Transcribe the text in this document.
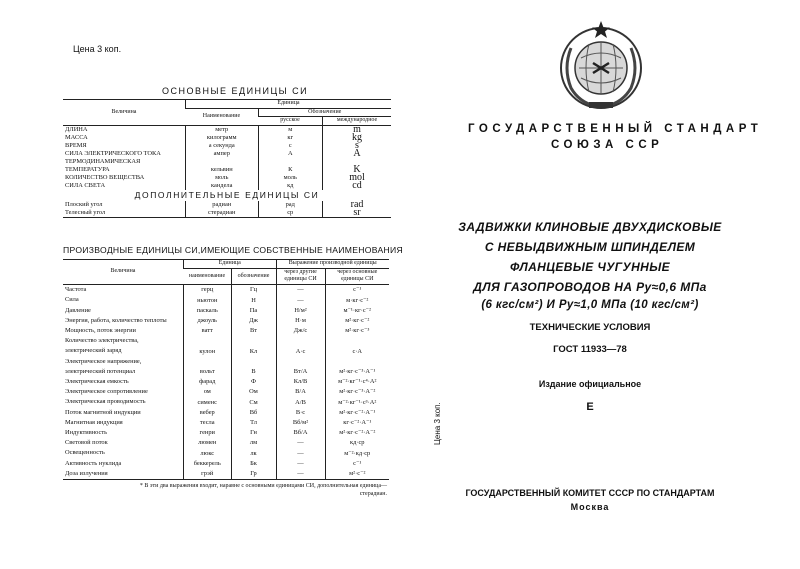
Цена 3 коп.
ОСНОВНЫЕ ЕДИНИЦЫ СИ
Величина	Единица		
	Наименование	Обозначение	
		русское	международное
ДЛИНА	метр	м	m
МАССА	килограмм	кг	kg
ВРЕМЯ	а секунда	с	s
СИЛА ЭЛЕКТРИЧЕСКОГО ТОКА	ампер	А	A
ТЕРМОДИНАМИЧЕСКАЯ			
ТЕМПЕРАТУРА	кельвин	К	K
КОЛИЧЕСТВО ВЕЩЕСТВА	моль	моль	mol
СИЛА СВЕТА	кандела	кд	cd
ДОПОЛНИТЕЛЬНЫЕ ЕДИНИЦЫ СИ			
Плоский угол	радиан	рад	rad
Телесный угол	стерадиан	ср	sr
ПРОИЗВОДНЫЕ ЕДИНИЦЫ СИ,ИМЕЮЩИЕ СОБСТВЕННЫЕ НАИМЕНОВАНИЯ
Величина	Единица		Выражение производной единицы	
	наименование	обозначение	через другие единицы СИ	через основные единицы СИ
Частота	герц	Гц	—	с⁻¹
Сила	ньютон	Н	—	м·кг·с⁻²
Давление	паскаль	Па	Н/м²	м⁻¹·кг·с⁻²
Энергия, работа, количество теплоты	джоуль	Дж	Н·м	м²·кг·с⁻²
Мощность, поток энергии	ватт	Вт	Дж/с	м²·кг·с⁻³
Количество электричества,				
электрический заряд	кулон	Кл	А·с	с·А
Электрическое напряжение,				
электрический потенциал	вольт	В	Вт/А	м²·кг·с⁻³·А⁻¹
Электрическая емкость	фарад	Ф	Кл/В	м⁻²·кг⁻¹·с⁴·А²
Электрическое сопротивление	ом	Ом	В/А	м²·кг·с⁻³·А⁻²
Электрическая проводимость	сименс	См	А/В	м⁻²·кг⁻¹·с³·А²
Поток магнитной индукции	вебер	Вб	В·с	м²·кг·с⁻²·А⁻¹
Магнитная индукция	тесла	Тл	Вб/м²	кг·с⁻²·А⁻¹
Индуктивность	генри	Гн	Вб/А	м²·кг·с⁻²·А⁻²
Световой поток	люмен	лм	—	кд·ср
Освещенность	люкс	лк	—	м⁻²·кд·ср
Активность нуклида	беккерель	Бк	—	с⁻¹
Доза излучения	грэй	Гр	—	м²·с⁻²
* В эти два выражения входит, наравне с основными единицами СИ, дополнительная единица—стерадиан.
ГОСУДАРСТВЕННЫЙ СТАНДАРТ
СОЮЗА ССР
ЗАДВИЖКИ КЛИНОВЫЕ ДВУХДИСКОВЫЕ
С НЕВЫДВИЖНЫМ ШПИНДЕЛЕМ
ФЛАНЦЕВЫЕ ЧУГУННЫЕ
ДЛЯ ГАЗОПРОВОДОВ НА Py≈0,6 МПа
(6 кгс/см²) И Py≈1,0 МПа (10 кгс/см²)
ТЕХНИЧЕСКИЕ УСЛОВИЯ
ГОСТ 11933—78
Издание официальное
Е
Цена 3 коп.
ГОСУДАРСТВЕННЫЙ КОМИТЕТ СССР ПО СТАНДАРТАМ
Москва
